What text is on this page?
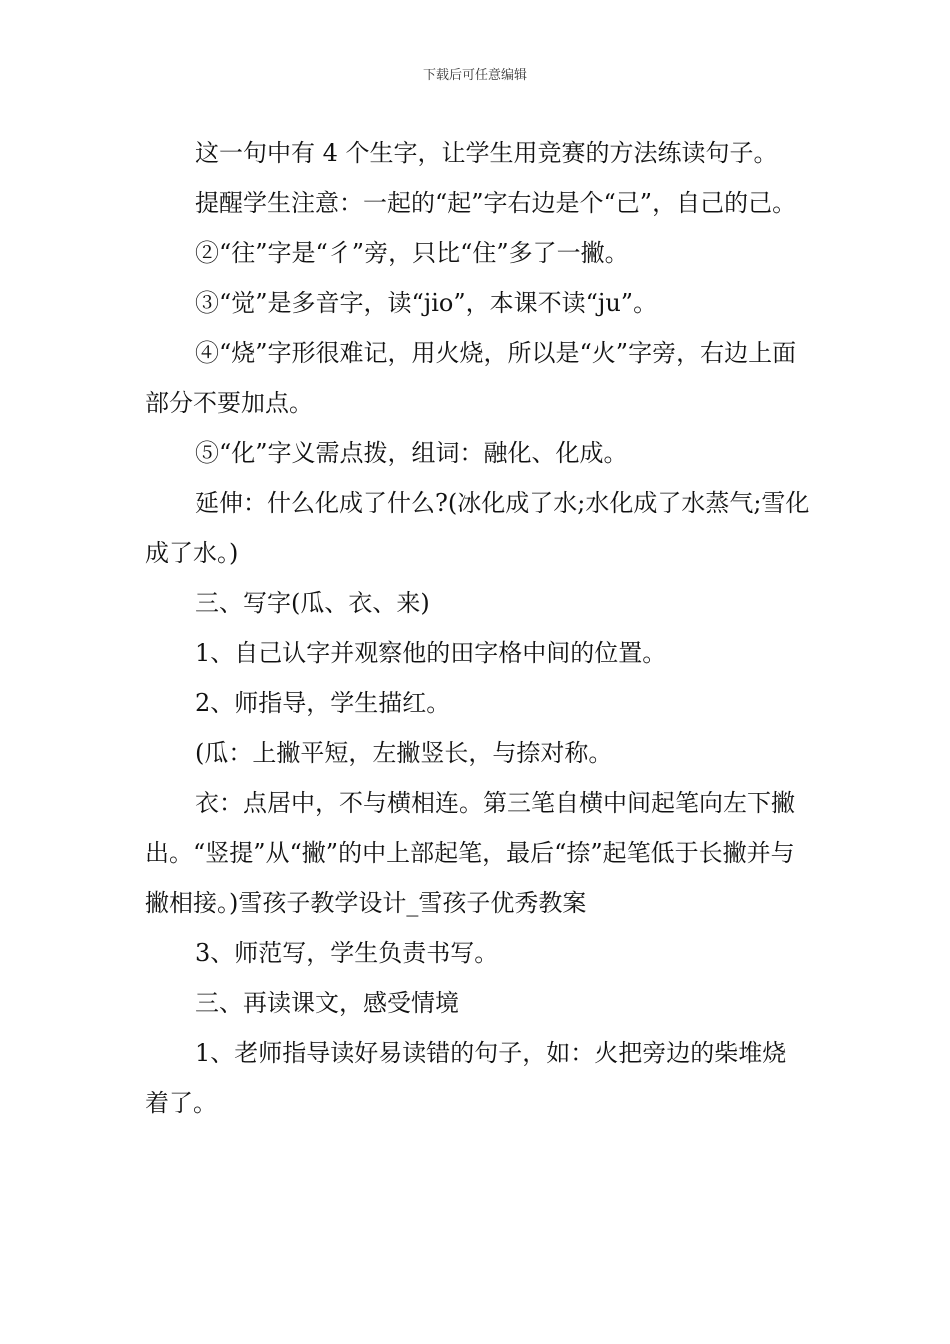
下载后可任意编辑

这一句中有 4 个生字，让学生用竞赛的方法练读句子。

提醒学生注意：一起的“起”字右边是个“己”，自己的己。

②“往”字是“彳”旁，只比“住”多了一撇。

③“觉”是多音字，读“jio”，本课不读“ju”。

④“烧”字形很难记，用火烧，所以是“火”字旁，右边上面部分不要加点。

⑤“化”字义需点拨，组词：融化、化成。

延伸：什么化成了什么?(冰化成了水;水化成了水蒸气;雪化成了水。)

三、写字(瓜、衣、来)

1、自己认字并观察他的田字格中间的位置。

2、师指导，学生描红。

(瓜：上撇平短，左撇竖长，与捺对称。

衣：点居中，不与横相连。第三笔自横中间起笔向左下撇出。“竖提”从“撇”的中上部起笔，最后“捺”起笔低于长撇并与撇相接。)雪孩子教学设计_雪孩子优秀教案

3、师范写，学生负责书写。

三、再读课文，感受情境

1、老师指导读好易读错的句子，如：火把旁边的柴堆烧着了。
